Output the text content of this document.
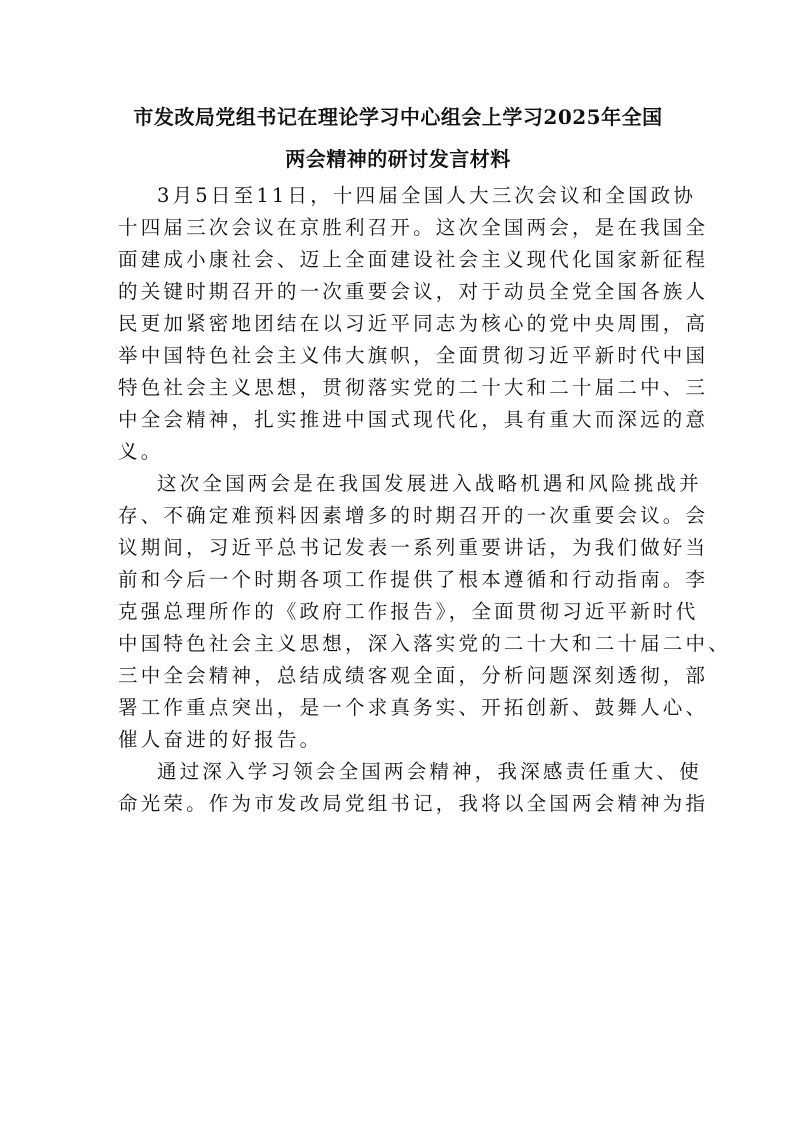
市发改局党组书记在理论学习中心组会上学习2025年全国
两会精神的研讨发言材料
3月5日至11日，十四届全国人大三次会议和全国政协
十四届三次会议在京胜利召开。这次全国两会，是在我国全
面建成小康社会、迈上全面建设社会主义现代化国家新征程
的关键时期召开的一次重要会议，对于动员全党全国各族人
民更加紧密地团结在以习近平同志为核心的党中央周围，高
举中国特色社会主义伟大旗帜，全面贯彻习近平新时代中国
特色社会主义思想，贯彻落实党的二十大和二十届二中、三
中全会精神，扎实推进中国式现代化，具有重大而深远的意
义。
这次全国两会是在我国发展进入战略机遇和风险挑战并
存、不确定难预料因素增多的时期召开的一次重要会议。会
议期间，习近平总书记发表一系列重要讲话，为我们做好当
前和今后一个时期各项工作提供了根本遵循和行动指南。李
克强总理所作的《政府工作报告》，全面贯彻习近平新时代
中国特色社会主义思想，深入落实党的二十大和二十届二中、
三中全会精神，总结成绩客观全面，分析问题深刻透彻，部
署工作重点突出，是一个求真务实、开拓创新、鼓舞人心、
催人奋进的好报告。
通过深入学习领会全国两会精神，我深感责任重大、使
命光荣。作为市发改局党组书记，我将以全国两会精神为指
